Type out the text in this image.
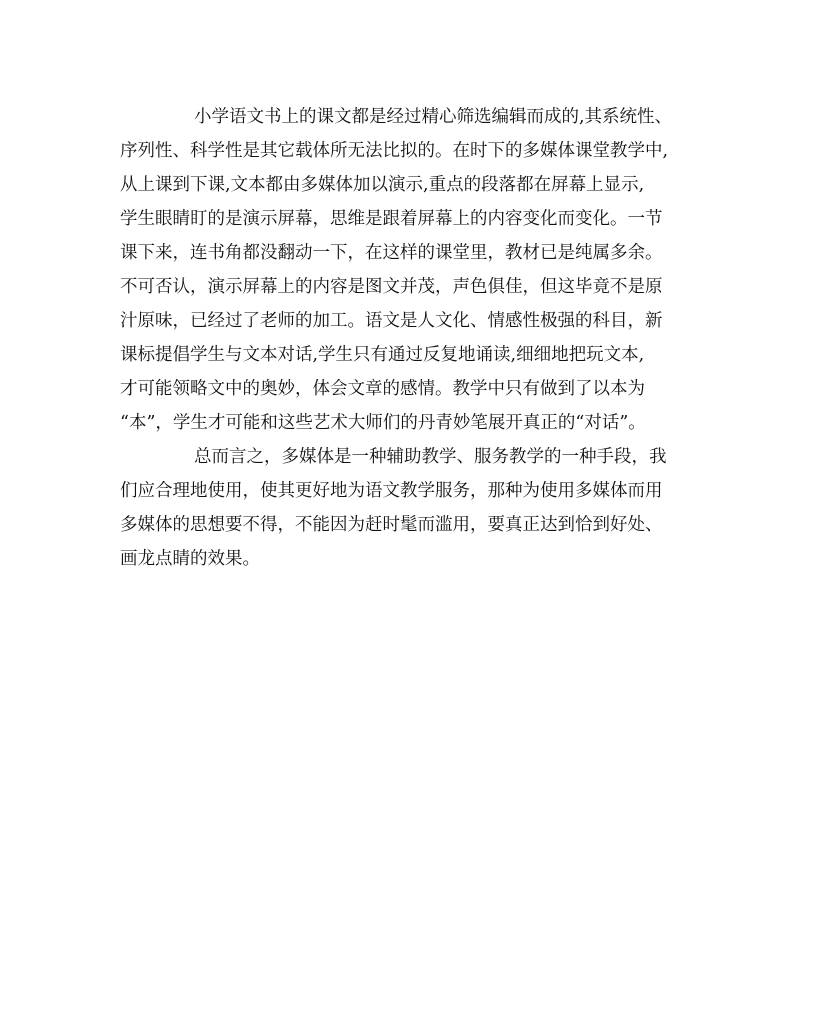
小学语文书上的课文都是经过精心筛选编辑而成的,其系统性、
序列性、科学性是其它载体所无法比拟的。在时下的多媒体课堂教学中,
从上课到下课,文本都由多媒体加以演示,重点的段落都在屏幕上显示,
学生眼睛盯的是演示屏幕，思维是跟着屏幕上的内容变化而变化。一节
课下来，连书角都没翻动一下，在这样的课堂里，教材已是纯属多余。
不可否认，演示屏幕上的内容是图文并茂，声色俱佳，但这毕竟不是原
汁原味，已经过了老师的加工。语文是人文化、情感性极强的科目，新
课标提倡学生与文本对话,学生只有通过反复地诵读,细细地把玩文本,
才可能领略文中的奥妙，体会文章的感情。教学中只有做到了以本为
“本”，学生才可能和这些艺术大师们的丹青妙笔展开真正的“对话”。
总而言之，多媒体是一种辅助教学、服务教学的一种手段，我
们应合理地使用，使其更好地为语文教学服务，那种为使用多媒体而用
多媒体的思想要不得，不能因为赶时髦而滥用，要真正达到恰到好处、
画龙点睛的效果。
